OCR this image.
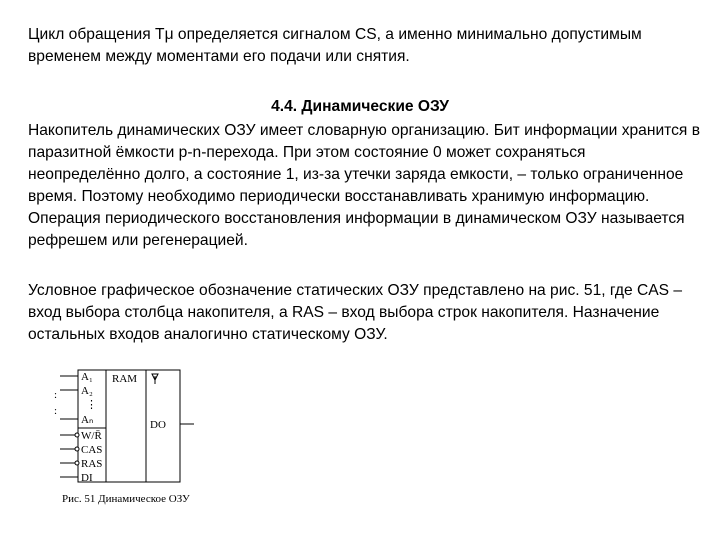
Цикл обращения Тμ определяется сигналом CS, а именно минимально допустимым временем между моментами его подачи или снятия.

4.4. Динамические ОЗУ

Накопитель динамических ОЗУ имеет словарную организацию. Бит информации хранится в паразитной ёмкости p-n-перехода. При этом состояние 0 может сохраняться неопределённо долго, а состояние 1, из-за утечки заряда емкости, – только ограниченное время. Поэтому необходимо периодически восстанавливать хранимую информацию. Операция периодического восстановления информации в динамическом ОЗУ называется рефрешем или регенерацией.

Условное графическое обозначение статических ОЗУ представлено на рис. 51, где CAS – вход выбора столбца накопителя, а RAS – вход выбора строк накопителя. Назначение остальных входов аналогично статическому ОЗУ.

:
:
A₁
A₂
⋮
Aₙ
W/R̄
CAS
RAS
DI
RAM
DO
Рис. 51 Динамическое ОЗУ
